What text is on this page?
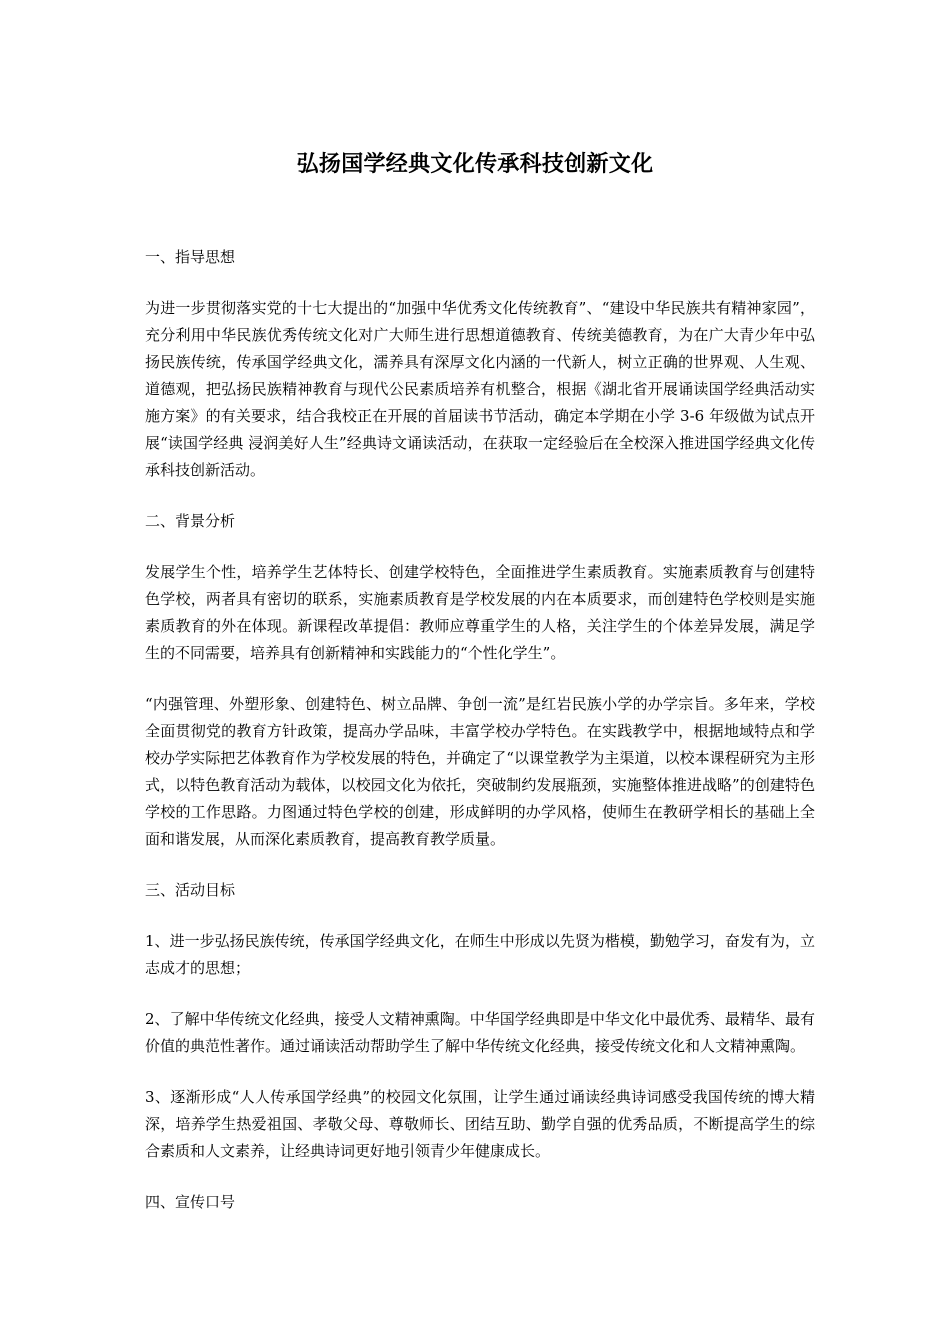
弘扬国学经典文化传承科技创新文化

一、指导思想

为进一步贯彻落实党的十七大提出的“加强中华优秀文化传统教育”、“建设中华民族共有精神家园”，充分利用中华民族优秀传统文化对广大师生进行思想道德教育、传统美德教育，为在广大青少年中弘扬民族传统，传承国学经典文化，濡养具有深厚文化内涵的一代新人，树立正确的世界观、人生观、道德观，把弘扬民族精神教育与现代公民素质培养有机整合，根据《湖北省开展诵读国学经典活动实施方案》的有关要求，结合我校正在开展的首届读书节活动，确定本学期在小学 3-6 年级做为试点开展“读国学经典 浸润美好人生”经典诗文诵读活动，在获取一定经验后在全校深入推进国学经典文化传承科技创新活动。

二、背景分析

发展学生个性，培养学生艺体特长、创建学校特色，全面推进学生素质教育。实施素质教育与创建特色学校，两者具有密切的联系，实施素质教育是学校发展的内在本质要求，而创建特色学校则是实施素质教育的外在体现。新课程改革提倡：教师应尊重学生的人格，关注学生的个体差异发展，满足学生的不同需要，培养具有创新精神和实践能力的“个性化学生”。

“内强管理、外塑形象、创建特色、树立品牌、争创一流”是红岩民族小学的办学宗旨。多年来，学校全面贯彻党的教育方针政策，提高办学品味，丰富学校办学特色。在实践教学中，根据地域特点和学校办学实际把艺体教育作为学校发展的特色，并确定了“以课堂教学为主渠道，以校本课程研究为主形式，以特色教育活动为载体，以校园文化为依托，突破制约发展瓶颈，实施整体推进战略”的创建特色学校的工作思路。力图通过特色学校的创建，形成鲜明的办学风格，使师生在教研学相长的基础上全面和谐发展，从而深化素质教育，提高教育教学质量。

三、活动目标

1、进一步弘扬民族传统，传承国学经典文化，在师生中形成以先贤为楷模，勤勉学习，奋发有为，立志成才的思想；

2、了解中华传统文化经典，接受人文精神熏陶。中华国学经典即是中华文化中最优秀、最精华、最有价值的典范性著作。通过诵读活动帮助学生了解中华传统文化经典，接受传统文化和人文精神熏陶。

3、逐渐形成“人人传承国学经典”的校园文化氛围，让学生通过诵读经典诗词感受我国传统的博大精深，培养学生热爱祖国、孝敬父母、尊敬师长、团结互助、勤学自强的优秀品质，不断提高学生的综合素质和人文素养，让经典诗词更好地引领青少年健康成长。

四、宣传口号
